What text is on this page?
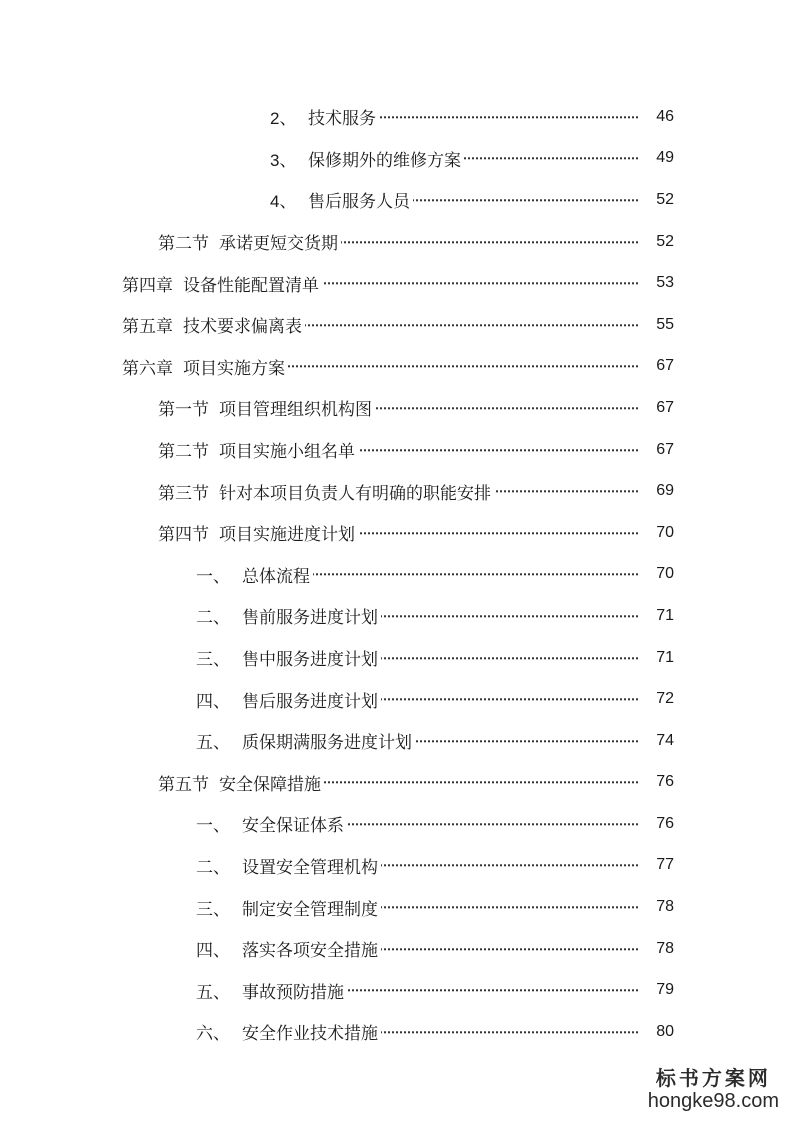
2、 技术服务	46
3、 保修期外的维修方案	49
4、 售后服务人员	52
第二节 承诺更短交货期	52
第四章 设备性能配置清单	53
第五章 技术要求偏离表	55
第六章 项目实施方案	67
第一节 项目管理组织机构图	67
第二节 项目实施小组名单	67
第三节 针对本项目负责人有明确的职能安排	69
第四节 项目实施进度计划	70
一、 总体流程	70
二、 售前服务进度计划	71
三、 售中服务进度计划	71
四、 售后服务进度计划	72
五、 质保期满服务进度计划	74
第五节 安全保障措施	76
一、 安全保证体系	76
二、 设置安全管理机构	77
三、 制定安全管理制度	78
四、 落实各项安全措施	78
五、 事故预防措施	79
六、 安全作业技术措施	80
标书方案网
hongke98.com
